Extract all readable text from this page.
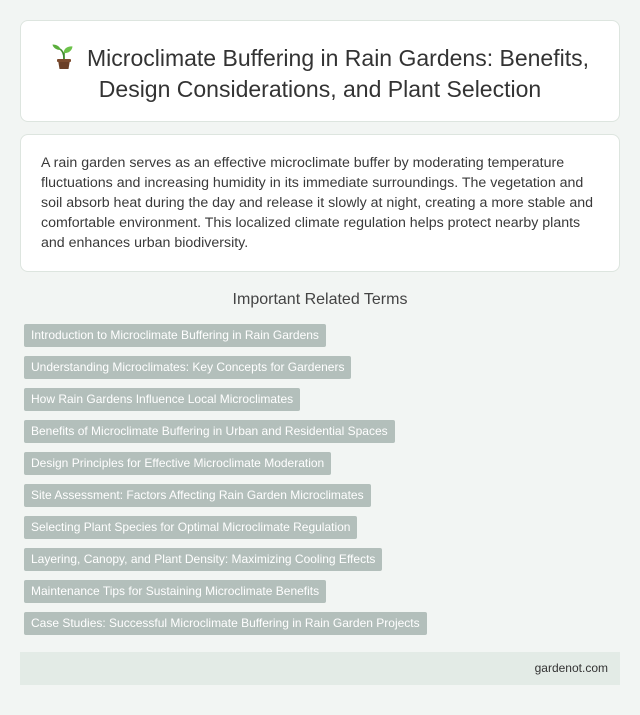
Microclimate Buffering in Rain Gardens: Benefits, Design Considerations, and Plant Selection

A rain garden serves as an effective microclimate buffer by moderating temperature fluctuations and increasing humidity in its immediate surroundings. The vegetation and soil absorb heat during the day and release it slowly at night, creating a more stable and comfortable environment. This localized climate regulation helps protect nearby plants and enhances urban biodiversity.

Important Related Terms
Introduction to Microclimate Buffering in Rain Gardens
Understanding Microclimates: Key Concepts for Gardeners
How Rain Gardens Influence Local Microclimates
Benefits of Microclimate Buffering in Urban and Residential Spaces
Design Principles for Effective Microclimate Moderation
Site Assessment: Factors Affecting Rain Garden Microclimates
Selecting Plant Species for Optimal Microclimate Regulation
Layering, Canopy, and Plant Density: Maximizing Cooling Effects
Maintenance Tips for Sustaining Microclimate Benefits
Case Studies: Successful Microclimate Buffering in Rain Garden Projects
gardenot.com
